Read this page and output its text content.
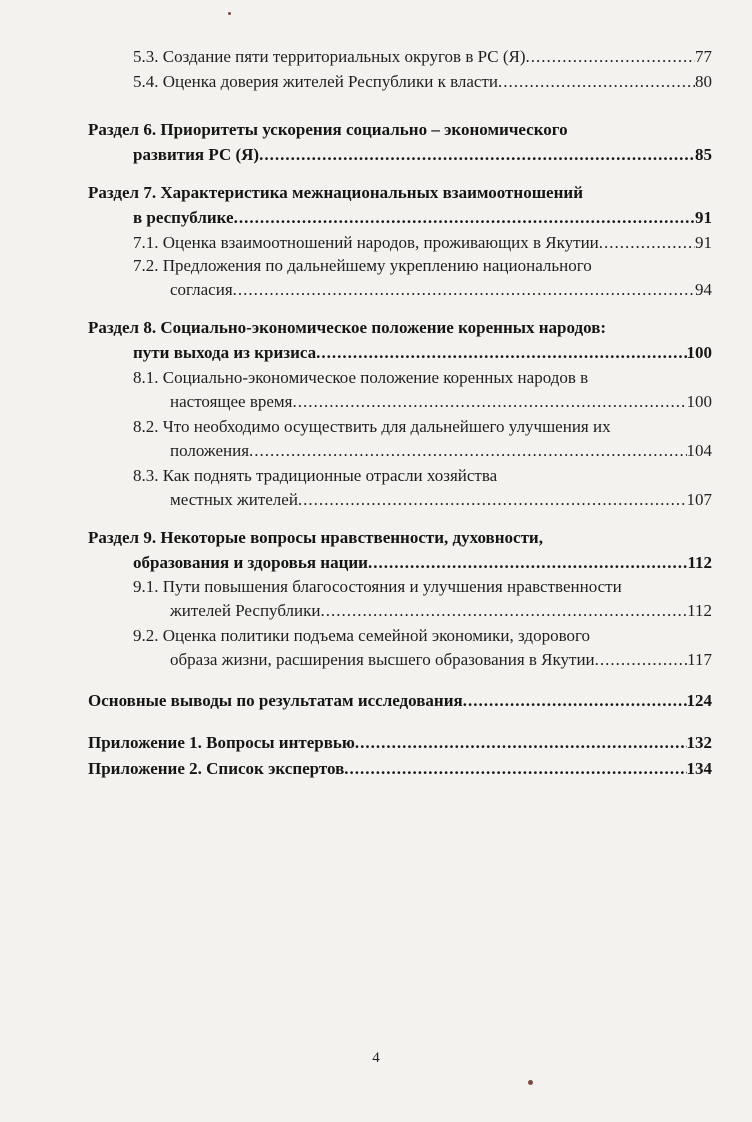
5.3. Создание пяти территориальных округов в РС (Я) .....	77
5.4. Оценка доверия жителей Республики к власти .....	80
Раздел 6. Приоритеты ускорения социально – экономического
развития РС (Я) .....	85
Раздел 7. Характеристика межнациональных взаимоотношений
в республике .....	91
7.1. Оценка взаимоотношений народов, проживающих в Якутии .....	91
7.2. Предложения по дальнейшему укреплению национального
согласия .....	94
Раздел 8. Социально-экономическое положение коренных народов:
пути выхода из кризиса .....	100
8.1. Социально-экономическое положение коренных народов в
настоящее время .....	100
8.2. Что необходимо осуществить для дальнейшего улучшения их
положения .....	104
8.3. Как поднять традиционные отрасли хозяйства
местных жителей .....	107
Раздел 9. Некоторые вопросы нравственности, духовности,
образования и здоровья нации .....	112
9.1. Пути повышения благосостояния и улучшения нравственности
жителей Республики .....	112
9.2. Оценка политики подъема семейной экономики, здорового
образа жизни, расширения высшего образования в Якутии .....	117
Основные выводы по результатам исследования .....	124
Приложение 1. Вопросы интервью .....	132
Приложение 2. Список экспертов .....	134
4
